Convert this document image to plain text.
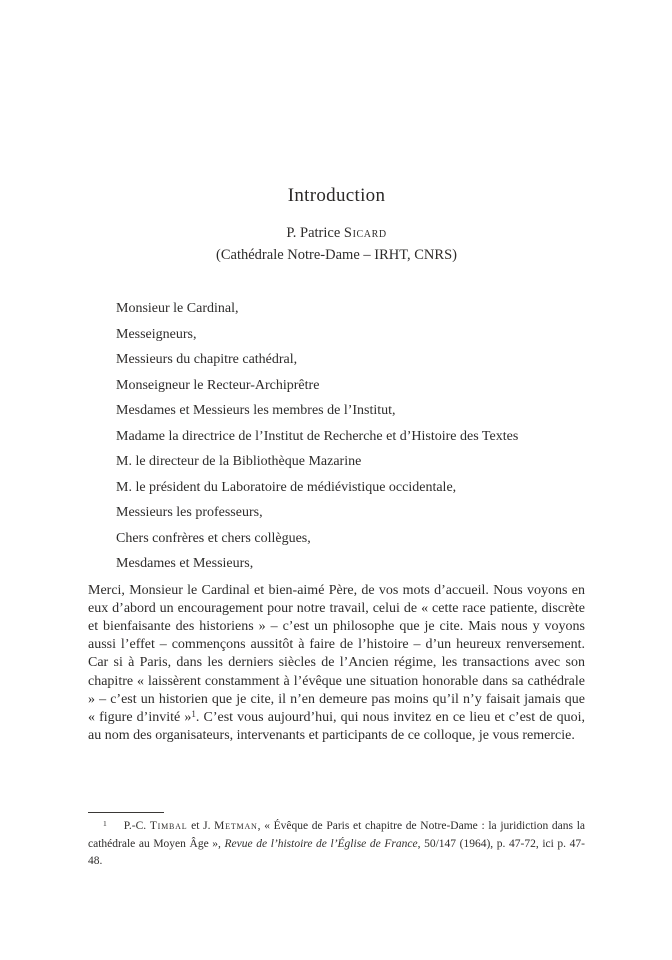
Introduction
P. Patrice Sicard
(Cathédrale Notre-Dame – IRHT, CNRS)

Monsieur le Cardinal,

Messeigneurs,

Messieurs du chapitre cathédral,

Monseigneur le Recteur-Archiprêtre

Mesdames et Messieurs les membres de l’Institut,

Madame la directrice de l’Institut de Recherche et d’Histoire des Textes

M. le directeur de la Bibliothèque Mazarine

M. le président du Laboratoire de médiévistique occidentale,

Messieurs les professeurs,

Chers confrères et chers collègues,

Mesdames et Messieurs,

Merci, Monsieur le Cardinal et bien-aimé Père, de vos mots d’accueil. Nous voyons en eux d’abord un encouragement pour notre travail, celui de « cette race patiente, discrète et bienfaisante des historiens » – c’est un philosophe que je cite. Mais nous y voyons aussi l’effet – commençons aussitôt à faire de l’histoire – d’un heureux renversement. Car si à Paris, dans les derniers siècles de l’Ancien régime, les transactions avec son chapitre « laissèrent constamment à l’évêque une situation honorable dans sa cathédrale » – c’est un historien que je cite, il n’en demeure pas moins qu’il n’y faisait jamais que « figure d’invité »$^1$. C’est vous aujourd’hui, qui nous invitez en ce lieu et c’est de quoi, au nom des organisateurs, intervenants et participants de ce colloque, je vous remercie.

$^1$ P.-C. Timbal et J. Metman, « Évêque de Paris et chapitre de Notre-Dame : la juridiction dans la cathédrale au Moyen Âge », Revue de l’histoire de l’Église de France, 50/147 (1964), p. 47-72, ici p. 47-48.
